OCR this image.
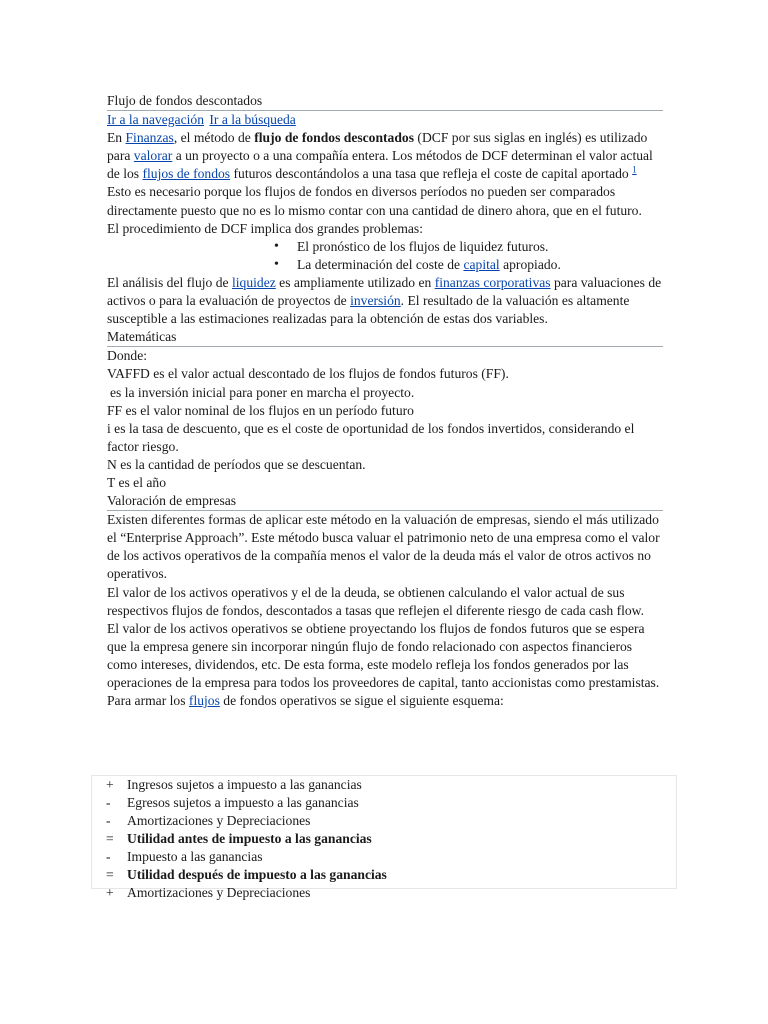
Flujo de fondos descontados
Ir a la navegación Ir a la búsqueda

En Finanzas, el método de flujo de fondos descontados (DCF por sus siglas en inglés) es utilizado para valorar a un proyecto o a una compañía entera. Los métodos de DCF determinan el valor actual de los flujos de fondos futuros descontándolos a una tasa que refleja el coste de capital aportado $^1$ Esto es necesario porque los flujos de fondos en diversos períodos no pueden ser comparados directamente puesto que no es lo mismo contar con una cantidad de dinero ahora, que en el futuro.

El procedimiento de DCF implica dos grandes problemas:

• El pronóstico de los flujos de liquidez futuros.
• La determinación del coste de capital apropiado.

El análisis del flujo de liquidez es ampliamente utilizado en finanzas corporativas para valuaciones de activos o para la evaluación de proyectos de inversión. El resultado de la valuación es altamente susceptible a las estimaciones realizadas para la obtención de estas dos variables.

Matemáticas

Donde:

VAFFD es el valor actual descontado de los flujos de fondos futuros (FF).

es la inversión inicial para poner en marcha el proyecto.

FF es el valor nominal de los flujos en un período futuro

i es la tasa de descuento, que es el coste de oportunidad de los fondos invertidos, considerando el factor riesgo.

N es la cantidad de períodos que se descuentan.

T es el año

Valoración de empresas

Existen diferentes formas de aplicar este método en la valuación de empresas, siendo el más utilizado el “Enterprise Approach”. Este método busca valuar el patrimonio neto de una empresa como el valor de los activos operativos de la compañía menos el valor de la deuda más el valor de otros activos no operativos.

El valor de los activos operativos y el de la deuda, se obtienen calculando el valor actual de sus respectivos flujos de fondos, descontados a tasas que reflejen el diferente riesgo de cada cash flow.

El valor de los activos operativos se obtiene proyectando los flujos de fondos futuros que se espera que la empresa genere sin incorporar ningún flujo de fondo relacionado con aspectos financieros como intereses, dividendos, etc. De esta forma, este modelo refleja los fondos generados por las operaciones de la empresa para todos los proveedores de capital, tanto accionistas como prestamistas.

Para armar los flujos de fondos operativos se sigue el siguiente esquema:

+ Ingresos sujetos a impuesto a las ganancias
- Egresos sujetos a impuesto a las ganancias
- Amortizaciones y Depreciaciones
= Utilidad antes de impuesto a las ganancias
- Impuesto a las ganancias
= Utilidad después de impuesto a las ganancias
+ Amortizaciones y Depreciaciones
